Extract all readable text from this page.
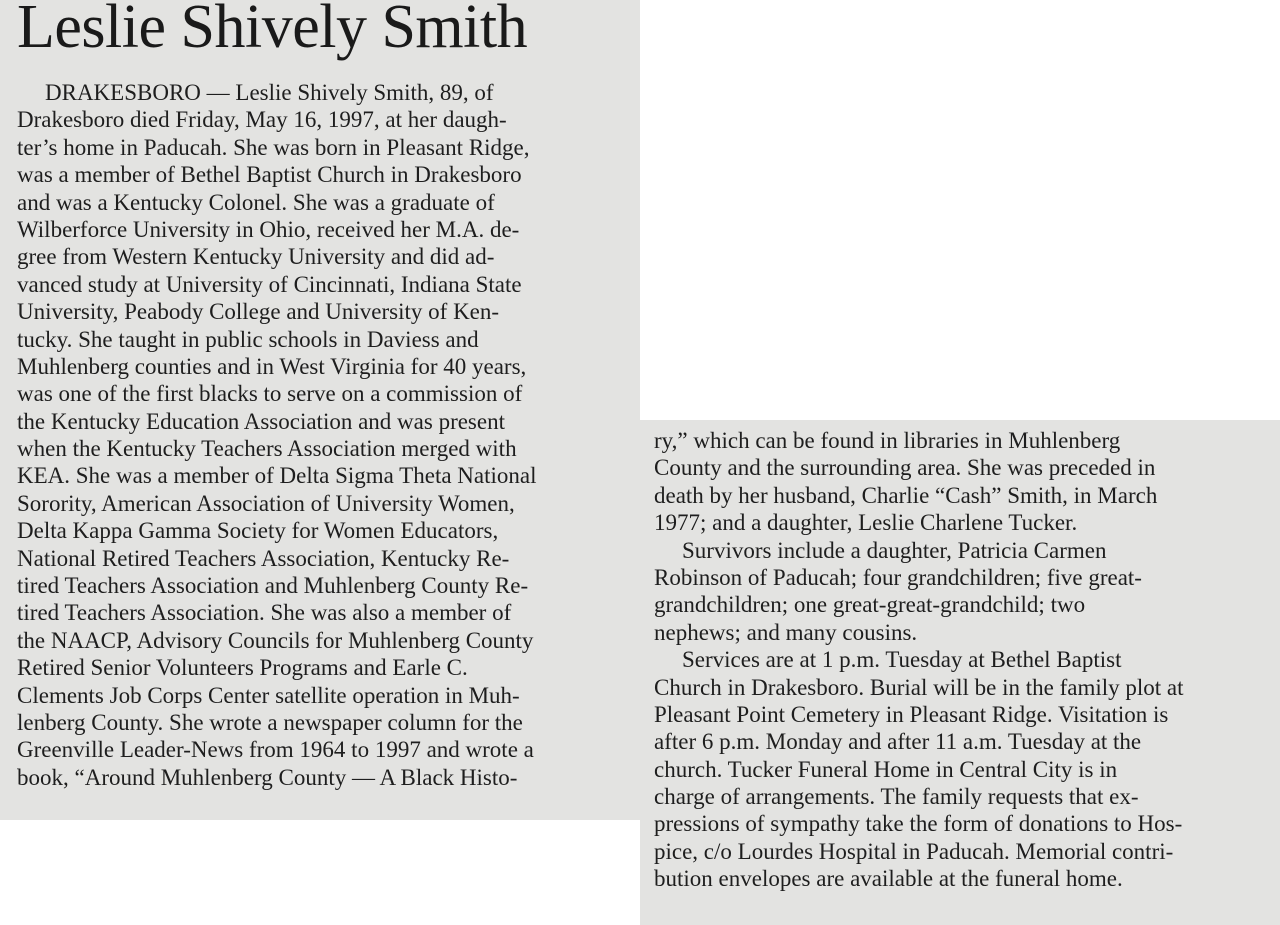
Leslie Shively Smith
DRAKESBORO — Leslie Shively Smith, 89, of
Drakesboro died Friday, May 16, 1997, at her daugh-
ter’s home in Paducah. She was born in Pleasant Ridge,
was a member of Bethel Baptist Church in Drakesboro
and was a Kentucky Colonel. She was a graduate of
Wilberforce University in Ohio, received her M.A. de-
gree from Western Kentucky University and did ad-
vanced study at University of Cincinnati, Indiana State
University, Peabody College and University of Ken-
tucky. She taught in public schools in Daviess and
Muhlenberg counties and in West Virginia for 40 years,
was one of the first blacks to serve on a commission of
the Kentucky Education Association and was present
when the Kentucky Teachers Association merged with
KEA. She was a member of Delta Sigma Theta National
Sorority, American Association of University Women,
Delta Kappa Gamma Society for Women Educators,
National Retired Teachers Association, Kentucky Re-
tired Teachers Association and Muhlenberg County Re-
tired Teachers Association. She was also a member of
the NAACP, Advisory Councils for Muhlenberg County
Retired Senior Volunteers Programs and Earle C.
Clements Job Corps Center satellite operation in Muh-
lenberg County. She wrote a newspaper column for the
Greenville Leader-News from 1964 to 1997 and wrote a
book, “Around Muhlenberg County — A Black Histo-
ry,” which can be found in libraries in Muhlenberg
County and the surrounding area. She was preceded in
death by her husband, Charlie “Cash” Smith, in March
1977; and a daughter, Leslie Charlene Tucker.
Survivors include a daughter, Patricia Carmen
Robinson of Paducah; four grandchildren; five great-
grandchildren; one great-great-grandchild; two
nephews; and many cousins.
Services are at 1 p.m. Tuesday at Bethel Baptist
Church in Drakesboro. Burial will be in the family plot at
Pleasant Point Cemetery in Pleasant Ridge. Visitation is
after 6 p.m. Monday and after 11 a.m. Tuesday at the
church. Tucker Funeral Home in Central City is in
charge of arrangements. The family requests that ex-
pressions of sympathy take the form of donations to Hos-
pice, c/o Lourdes Hospital in Paducah. Memorial contri-
bution envelopes are available at the funeral home.
